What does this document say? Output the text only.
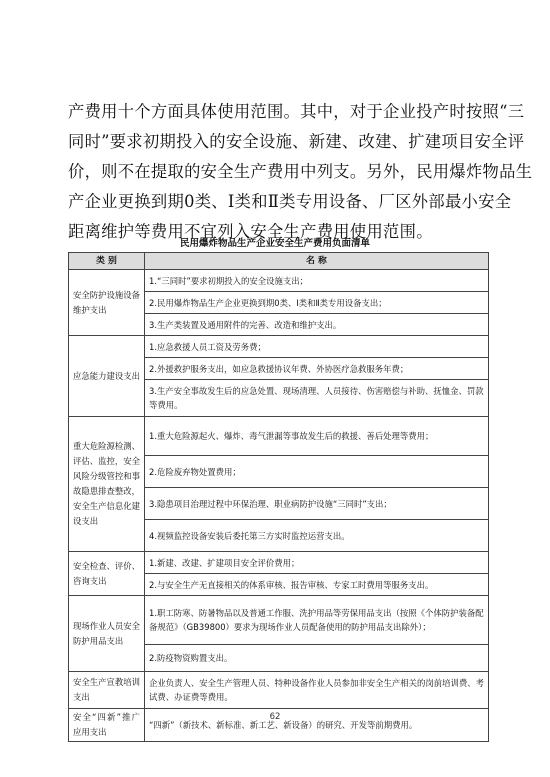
产费用十个方面具体使用范围。其中，对于企业投产时按照“三

同时”要求初期投入的安全设施、新建、改建、扩建项目安全评

价，则不在提取的安全生产费用中列支。另外，民用爆炸物品生

产企业更换到期0类、Ⅰ类和Ⅱ类专用设备、厂区外部最小安全

距离维护等费用不宜列入安全生产费用使用范围。

民用爆炸物品生产企业安全生产费用负面清单
类 别	名 称
安全防护设施设备维护支出	1.“三同时”要求初期投入的安全设施支出；
	2.民用爆炸物品生产企业更换到期0类、Ⅰ类和Ⅱ类专用设备支出；
	3.生产类装置及通用附件的完善、改造和维护支出。
应急能力建设支出	1.应急救援人员工资及劳务费；
	2.外援救护服务支出，如应急救援协议年费、外协医疗急救服务年费；
	3.生产安全事故发生后的应急处置、现场清理、人员接待、伤害赔偿与补助、抚恤金、罚款等费用。
重大危险源检测、评估、监控，安全风险分级管控和事故隐患排查整改，安全生产信息化建设支出	1.重大危险源起火、爆炸、毒气泄漏等事故发生后的救援、善后处理等费用；
	2.危险废弃物处置费用；
	3.隐患项目治理过程中环保治理、职业病防护设施“三同时”支出；
	4.视频监控设备安装后委托第三方实时监控运营支出。
安全检查、评价、咨询支出	1.新建、改建、扩建项目安全评价费用；
	2.与安全生产无直接相关的体系审核、报告审核、专家工时费用等服务支出。
现场作业人员安全防护用品支出	1.职工防寒、防暑物品以及普通工作服、洗护用品等劳保用品支出（按照《个体防护装备配备规范》（GB39800）要求为现场作业人员配备使用的防护用品支出除外）；
	2.防疫物资购置支出。
安全生产宣教培训支出	企业负责人、安全生产管理人员、特种设备作业人员参加非安全生产相关的岗前培训费、考试费、办证费等费用。
安全“四新”推广应用支出	“四新”（新技术、新标准、新工艺、新设备）的研究、开发等前期费用。
62
